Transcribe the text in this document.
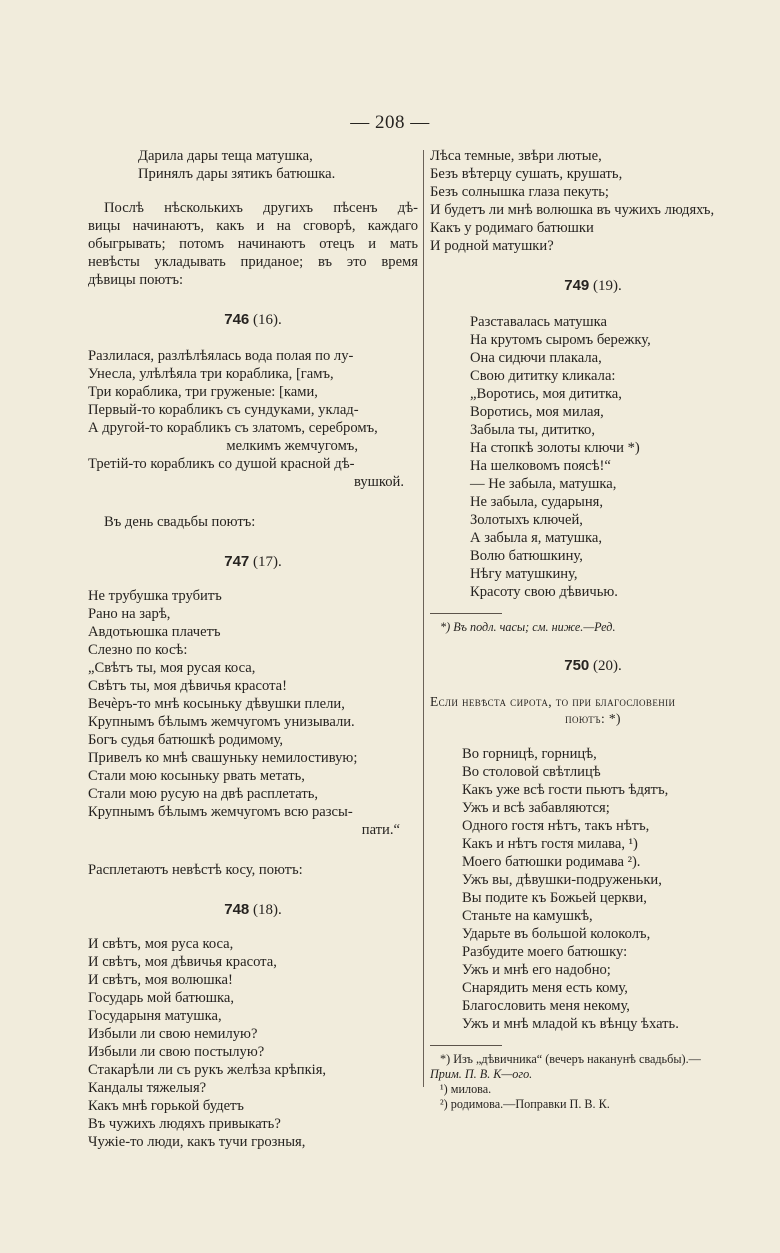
— 208 —
Дарила дары теща матушка,
Принялъ дары зятикъ батюшка.
Послѣ нѣсколькихъ другихъ пѣсенъ дѣ-
вицы начинаютъ, какъ и на сговорѣ, каждаго
обыгрывать; потомъ начинаютъ отецъ и мать
невѣсты укладывать приданое; въ это время
дѣвицы поютъ:
746 (16).
Разлилася, разлѣлѣялась вода полая по лу-
Унесла, улѣлѣяла три кораблика, [гамъ,
Три кораблика, три груженые: [ками,
Первый-то корабликъ съ сундуками, уклад-
А другой-то корабликъ съ златомъ, серебромъ,
мелкимъ жемчугомъ,
Третій-то корабликъ со душой красной дѣ-
вушкой.
Въ день свадьбы поютъ:
747 (17).
Не трубушка трубитъ
Рано на зарѣ,
Авдотьюшка плачетъ
Слезно по косѣ:
„Свѣтъ ты, моя русая коса,
Свѣтъ ты, моя дѣвичья красота!
Вечѐръ-то мнѣ косыньку дѣвушки плели,
Крупнымъ бѣлымъ жемчугомъ унизывали.
Богъ судья батюшкѣ родимому,
Привелъ ко мнѣ свашуньку немилостивую;
Стали мою косыньку рвать метать,
Стали мою русую на двѣ расплетать,
Крупнымъ бѣлымъ жемчугомъ всю разсы-
пати.“
Расплетаютъ невѣстѣ косу, поютъ:
748 (18).
И свѣтъ, моя руса коса,
И свѣтъ, моя дѣвичья красота,
И свѣтъ, моя волюшка!
Государь мой батюшка,
Государыня матушка,
Избыли ли свою немилую?
Избыли ли свою постылую?
Стакарѣли ли съ рукъ желѣза крѣпкія,
Кандалы тяжелыя?
Какъ мнѣ горькой будетъ
Въ чужихъ людяхъ привыкать?
Чужіе-то люди, какъ тучи грозныя,
Лѣса темные, звѣри лютые,
Безъ вѣтерцу сушать, крушать,
Безъ солнышка глаза пекуть;
И будетъ ли мнѣ волюшка въ чужихъ людяхъ,
Какъ у родимаго батюшки
И родной матушки?
749 (19).
Разставалась матушка
На крутомъ сыромъ бережку,
Она сидючи плакала,
Свою дититку кликала:
„Воротись, моя дититка,
Воротись, моя милая,
Забыла ты, дититко,
На стопкѣ золоты ключи *)
На шелковомъ поясѣ!“
— Не забыла, матушка,
Не забыла, сударыня,
Золотыхъ ключей,
А забыла я, матушка,
Волю батюшкину,
Нѣгу матушкину,
Красоту свою дѣвичью.
*) Въ подл. часы; см. ниже.—Ред.
750 (20).
Если невѣста сирота, то при благословеніи
поютъ: *)
Во горницѣ, горницѣ,
Во столовой свѣтлицѣ
Какъ уже всѣ гости пьютъ ѣдятъ,
Ужъ и всѣ забавляются;
Одного гостя нѣтъ, такъ нѣтъ,
Какъ и нѣтъ гостя милава, ¹)
Моего батюшки родимава ²).
Ужъ вы, дѣвушки-подруженьки,
Вы подите къ Божьей церкви,
Станьте на камушкѣ,
Ударьте въ большой колоколъ,
Разбудите моего батюшку:
Ужъ и мнѣ его надобно;
Снарядить меня есть кому,
Благословить меня некому,
Ужъ и мнѣ младой къ вѣнцу ѣхать.
*) Изъ „дѣвичника“ (вечеръ наканунѣ свадьбы).—
Прим. П. В. К—ого.
¹) милова.
²) родимова.—Поправки П. В. К.
